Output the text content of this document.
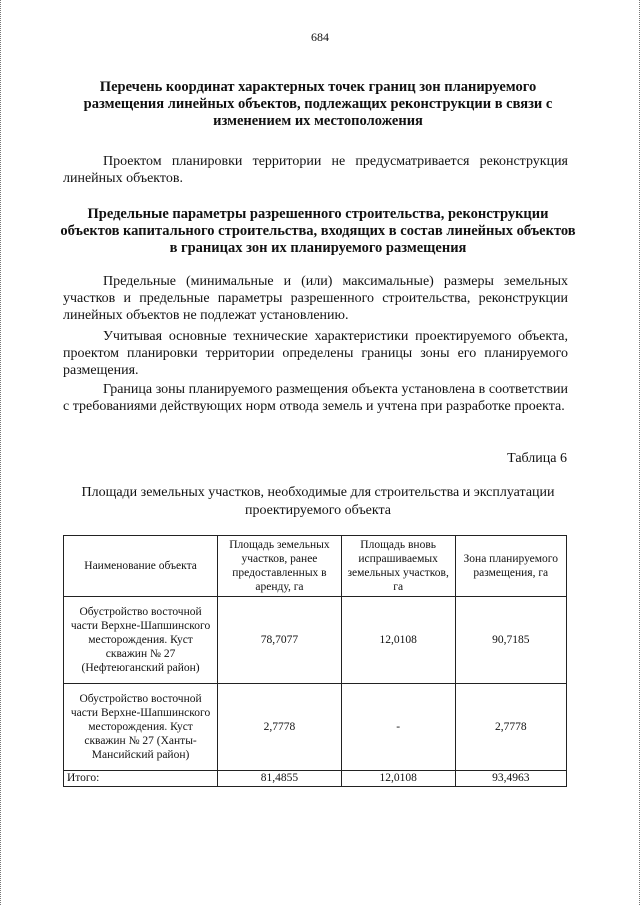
684
Перечень координат характерных точек границ зон планируемого размещения линейных объектов, подлежащих реконструкции в связи с изменением их местоположения
Проектом планировки территории не предусматривается реконструкция линейных объектов.
Предельные параметры разрешенного строительства, реконструкции объектов капитального строительства, входящих в состав линейных объектов в границах зон их планируемого размещения
Предельные (минимальные и (или) максимальные) размеры земельных участков и предельные параметры разрешенного строительства, реконструкции линейных объектов не подлежат установлению.
Учитывая основные технические характеристики проектируемого объекта, проектом планировки территории определены границы зоны его планируемого размещения.
Граница зоны планируемого размещения объекта установлена в соответствии с требованиями действующих норм отвода земель и учтена при разработке проекта.
Таблица 6
Площади земельных участков, необходимые для строительства и эксплуатации проектируемого объекта
Наименование объекта	Площадь земельных участков, ранее предоставленных в аренду, га	Площадь вновь испрашиваемых земельных участков, га	Зона планируемого размещения, га
Обустройство восточной части Верхне-Шапшинского месторождения. Куст скважин № 27 (Нефтеюганский район)	78,7077	12,0108	90,7185
Обустройство восточной части Верхне-Шапшинского месторождения. Куст скважин № 27 (Ханты-Мансийский район)	2,7778	-	2,7778
Итого:	81,4855	12,0108	93,4963
